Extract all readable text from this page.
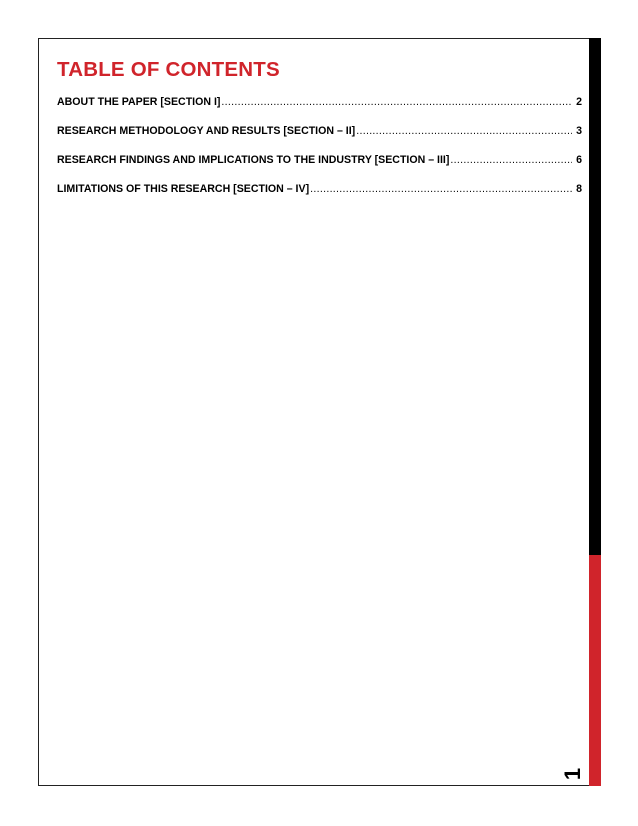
TABLE OF CONTENTS
ABOUT THE PAPER [SECTION I] .....	2
RESEARCH METHODOLOGY AND RESULTS [SECTION – II] .....	3
RESEARCH FINDINGS AND IMPLICATIONS TO THE INDUSTRY [SECTION – III] .....	6
LIMITATIONS OF THIS RESEARCH [SECTION – IV] .....	8
1
